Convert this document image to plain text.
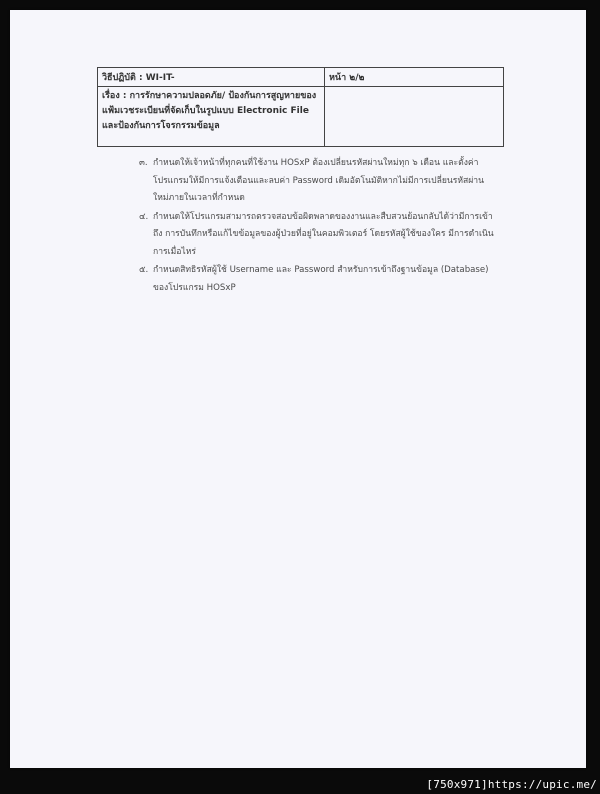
วิธีปฏิบัติ : WI-IT-	หน้า ๒/๒
เรื่อง : การรักษาความปลอดภัย/ ป้องกันการสูญหายของแฟ้มเวชระเบียนที่จัดเก็บในรูปแบบ Electronic File และป้องกันการโจรกรรมข้อมูล	
๓. กำหนดให้เจ้าหน้าที่ทุกคนที่ใช้งาน HOSxP ต้องเปลี่ยนรหัสผ่านใหม่ทุก ๖ เดือน และตั้งค่าโปรแกรมให้มีการแจ้งเตือนและลบค่า Password เดิมอัตโนมัติหากไม่มีการเปลี่ยนรหัสผ่านใหม่ภายในเวลาที่กำหนด
๔. กำหนดให้โปรแกรมสามารถตรวจสอบข้อผิดพลาดของงานและสืบสวนย้อนกลับได้ว่ามีการเข้าถึง การบันทึกหรือแก้ไขข้อมูลของผู้ป่วยที่อยู่ในคอมพิวเตอร์ โดยรหัสผู้ใช้ของใคร มีการดำเนินการเมื่อไหร่
๕. กำหนดสิทธิรหัสผู้ใช้ Username และ Password สำหรับการเข้าถึงฐานข้อมูล (Database) ของโปรแกรม HOSxP
[750x971]https://upic.me/
